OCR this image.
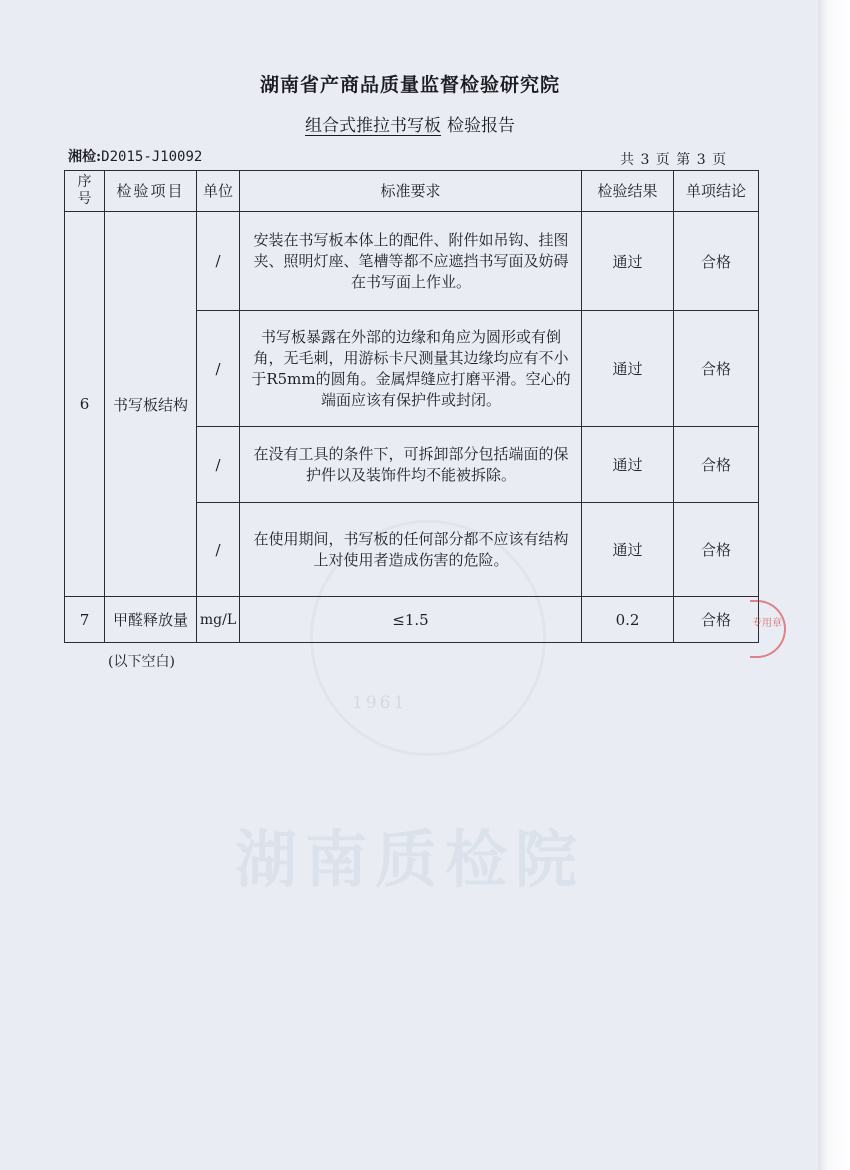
1961
湖南质检院
湖南省产商品质量监督检验研究院
组合式推拉书写板 检验报告
湘检:D2015-J10092	共 3 页 第 3 页
序号	检验项目	单位	标准要求	检验结果	单项结论
6	书写板结构	/	安装在书写板本体上的配件、附件如吊钩、挂图夹、照明灯座、笔槽等都不应遮挡书写面及妨碍在书写面上作业。	通过	合格
		/	书写板暴露在外部的边缘和角应为圆形或有倒角，无毛刺，用游标卡尺测量其边缘均应有不小于R5mm的圆角。金属焊缝应打磨平滑。空心的端面应该有保护件或封闭。	通过	合格
		/	在没有工具的条件下，可拆卸部分包括端面的保护件以及装饰件均不能被拆除。	通过	合格
		/	在使用期间，书写板的任何部分都不应该有结构上对使用者造成伤害的危险。	通过	合格
7	甲醛释放量	mg/L	≤1.5	0.2	合格 专用章
(以下空白)
